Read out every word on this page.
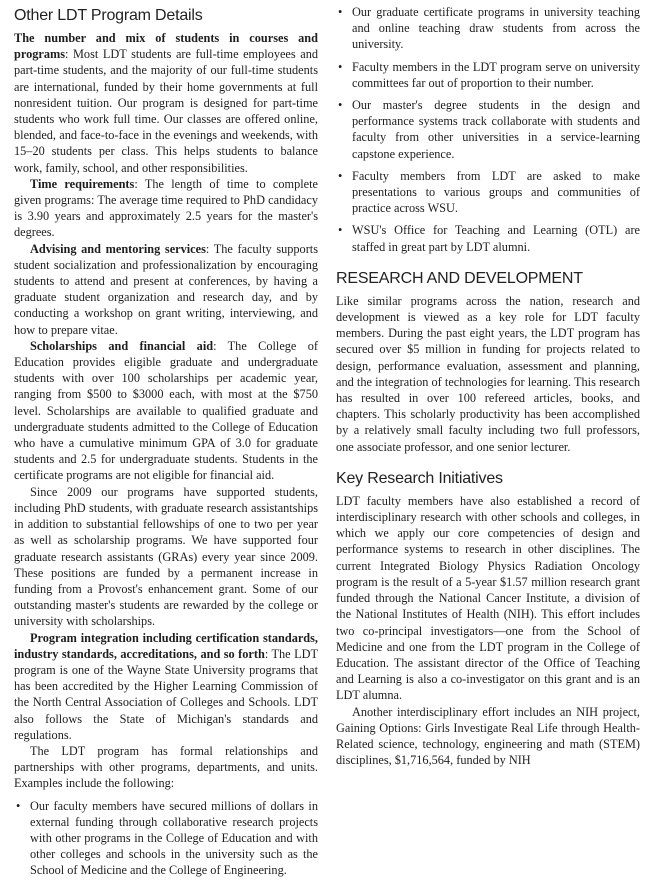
Other LDT Program Details

The number and mix of students in courses and programs: Most LDT students are full-time employees and part-time students, and the majority of our full-time students are international, funded by their home governments at full nonresident tuition. Our program is designed for part-time students who work full time. Our classes are offered online, blended, and face-to-face in the evenings and weekends, with 15–20 students per class. This helps students to balance work, family, school, and other responsibilities.

Time requirements: The length of time to complete given programs: The average time required to PhD candidacy is 3.90 years and approximately 2.5 years for the master's degrees.

Advising and mentoring services: The faculty supports student socialization and professionalization by encouraging students to attend and present at conferences, by having a graduate student organization and research day, and by conducting a workshop on grant writing, interviewing, and how to prepare vitae.

Scholarships and financial aid: The College of Education provides eligible graduate and undergraduate students with over 100 scholarships per academic year, ranging from $500 to $3000 each, with most at the $750 level. Scholarships are available to qualified graduate and undergraduate students admitted to the College of Education who have a cumulative minimum GPA of 3.0 for graduate students and 2.5 for undergraduate students. Students in the certificate programs are not eligible for financial aid.

Since 2009 our programs have supported students, including PhD students, with graduate research assistantships in addition to substantial fellowships of one to two per year as well as scholarship programs. We have supported four graduate research assistants (GRAs) every year since 2009. These positions are funded by a permanent increase in funding from a Provost's enhancement grant. Some of our outstanding master's students are rewarded by the college or university with scholarships.

Program integration including certification standards, industry standards, accreditations, and so forth: The LDT program is one of the Wayne State University programs that has been accredited by the Higher Learning Commission of the North Central Association of Colleges and Schools. LDT also follows the State of Michigan's standards and regulations.

The LDT program has formal relationships and partnerships with other programs, departments, and units. Examples include the following:

• Our faculty members have secured millions of dollars in external funding through collaborative research projects with other programs in the College of Education and with other colleges and schools in the university such as the School of Medicine and the College of Engineering.
• Our graduate certificate programs in university teaching and online teaching draw students from across the university.
• Faculty members in the LDT program serve on university committees far out of proportion to their number.
• Our master's degree students in the design and performance systems track collaborate with students and faculty from other universities in a service-learning capstone experience.
• Faculty members from LDT are asked to make presentations to various groups and communities of practice across WSU.
• WSU's Office for Teaching and Learning (OTL) are staffed in great part by LDT alumni.
RESEARCH AND DEVELOPMENT

Like similar programs across the nation, research and development is viewed as a key role for LDT faculty members. During the past eight years, the LDT program has secured over $5 million in funding for projects related to design, performance evaluation, assessment and planning, and the integration of technologies for learning. This research has resulted in over 100 refereed articles, books, and chapters. This scholarly productivity has been accomplished by a relatively small faculty including two full professors, one associate professor, and one senior lecturer.

Key Research Initiatives

LDT faculty members have also established a record of interdisciplinary research with other schools and colleges, in which we apply our core competencies of design and performance systems to research in other disciplines. The current Integrated Biology Physics Radiation Oncology program is the result of a 5-year $1.57 million research grant funded through the National Cancer Institute, a division of the National Institutes of Health (NIH). This effort includes two co-principal investigators—one from the School of Medicine and one from the LDT program in the College of Education. The assistant director of the Office of Teaching and Learning is also a co-investigator on this grant and is an LDT alumna.

Another interdisciplinary effort includes an NIH project, Gaining Options: Girls Investigate Real Life through Health-Related science, technology, engineering and math (STEM) disciplines, $1,716,564, funded by NIH
